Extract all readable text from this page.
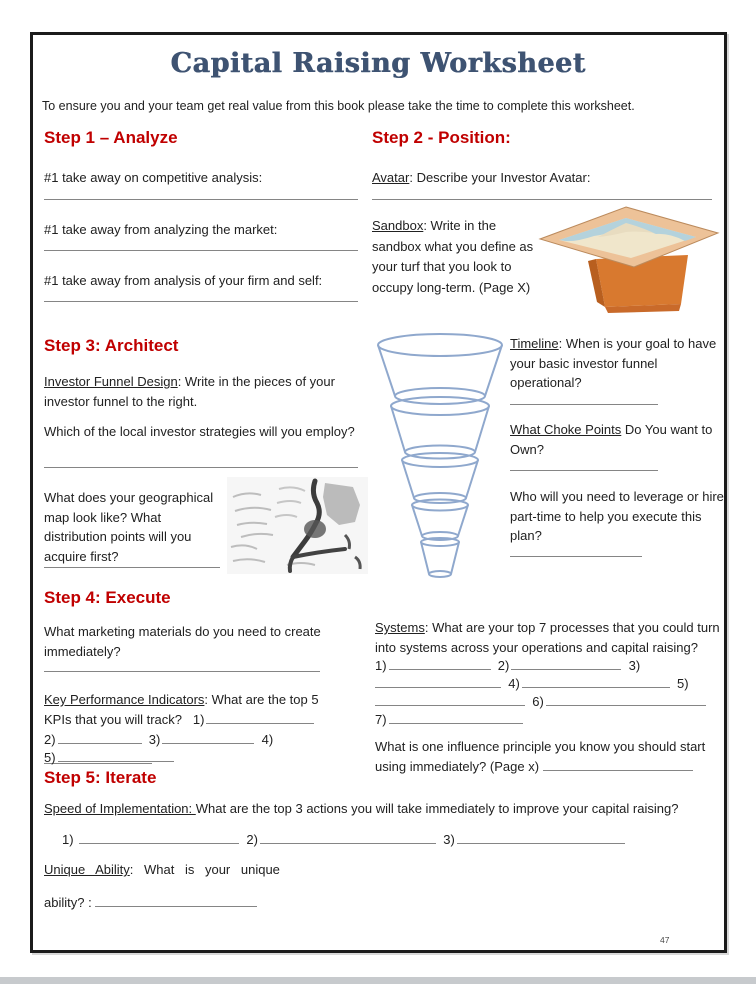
Capital Raising Worksheet
To ensure you and your team get real value from this book please take the time to complete this worksheet.
Step 1 – Analyze
#1 take away on competitive analysis:
#1 take away from analyzing the market:
#1 take away from analysis of your firm and self:
Step 2 - Position:
Avatar: Describe your Investor Avatar:
Sandbox: Write in the sandbox what you define as your turf that you look to occupy long-term. (Page X)
Step 3: Architect
Investor Funnel Design: Write in the pieces of your investor funnel to the right.
Which of the local investor strategies will you employ?
What does your geographical map look like? What distribution points will you acquire first?
Timeline: When is your goal to have your basic investor funnel operational?
What Choke Points Do You want to Own?
Who will you need to leverage or hire part-time to help you execute this plan?
Step 4: Execute
What marketing materials do you need to create immediately?
Key Performance Indicators: What are the top 5
KPIs that you will track? 1)
2)	3)	4)
5)
Systems: What are your top 7 processes that you could turn
into systems across your operations and capital raising?
1)	2)	3)
4)	5)
6)
7)
What is one influence principle you know you should start
using immediately? (Page x)
Step 5: Iterate
Speed of Implementation: What are the top 3 actions you will take immediately to improve your capital raising?
1)	2)	3)
Unique Ability: What is your unique
ability? :
47
